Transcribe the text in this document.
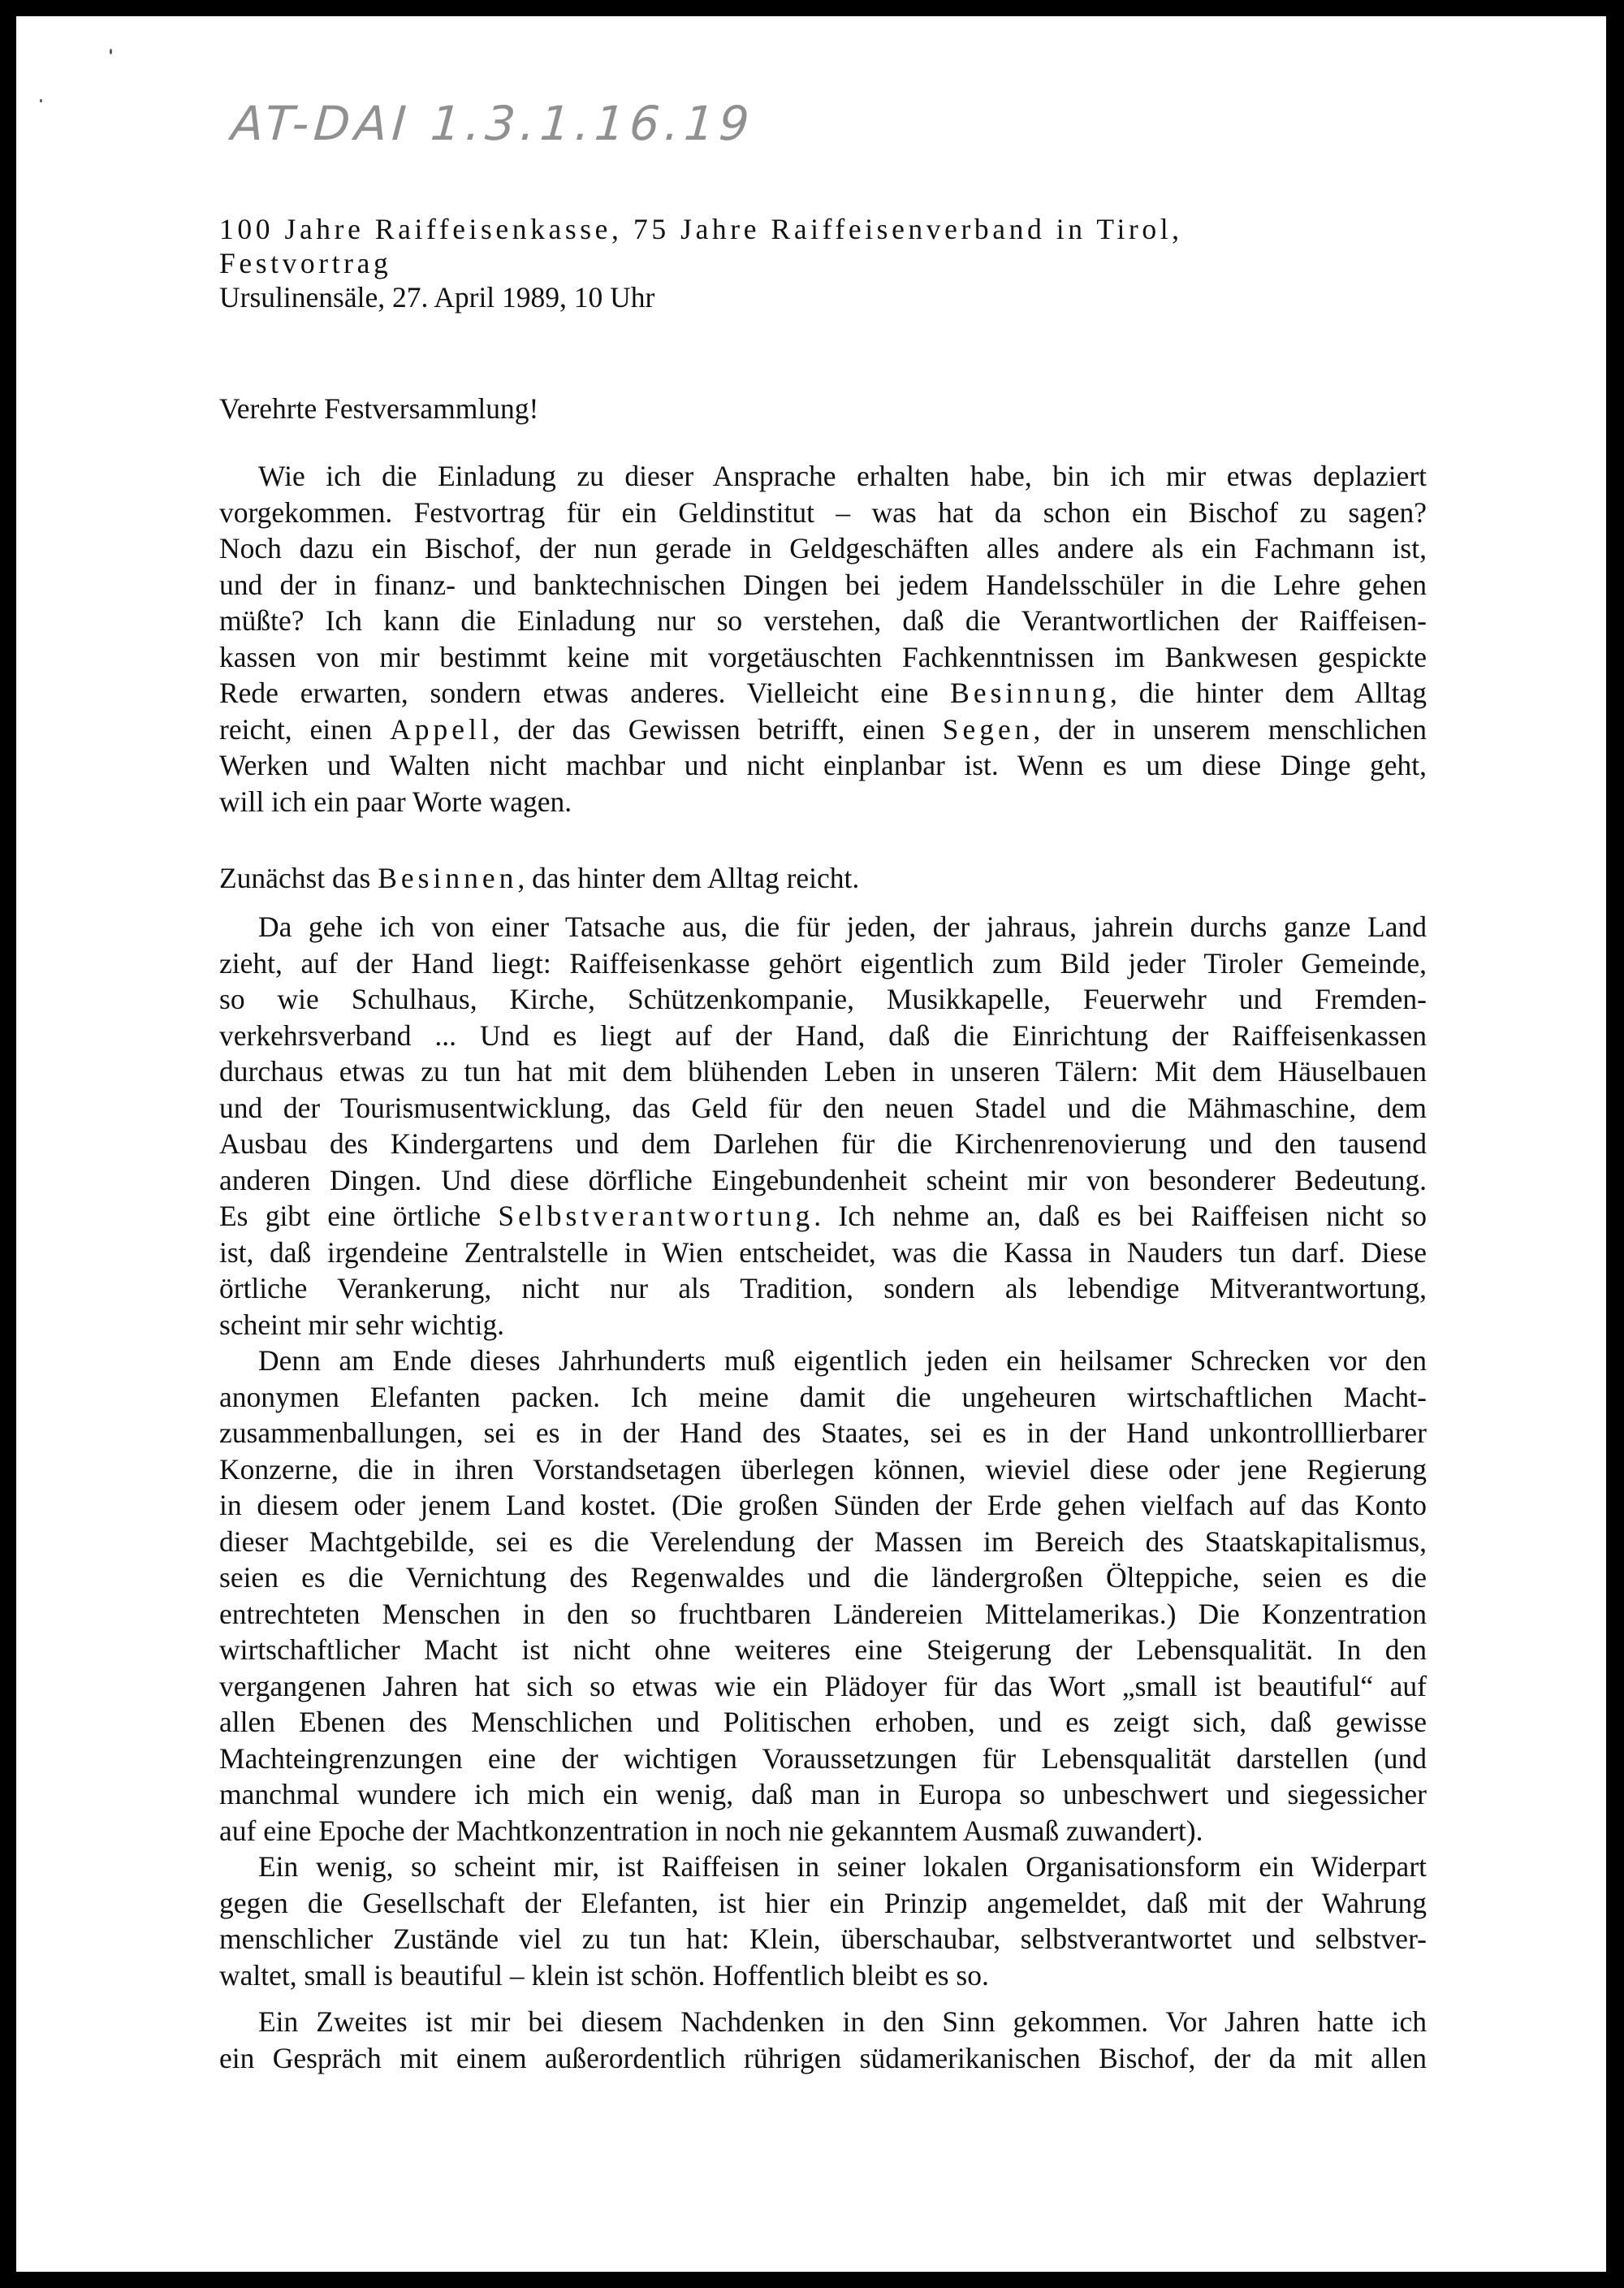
AT-DAI 1.3.1.16.19
100 Jahre Raiffeisenkasse, 75 Jahre Raiffeisenverband in Tirol,
Festvortrag
Ursulinensäle, 27. April 1989, 10 Uhr
Verehrte Festversammlung!
Wie ich die Einladung zu dieser Ansprache erhalten habe, bin ich mir etwas deplaziert
vorgekommen. Festvortrag für ein Geldinstitut – was hat da schon ein Bischof zu sagen?
Noch dazu ein Bischof, der nun gerade in Geldgeschäften alles andere als ein Fachmann ist,
und der in finanz- und banktechnischen Dingen bei jedem Handelsschüler in die Lehre gehen
müßte? Ich kann die Einladung nur so verstehen, daß die Verantwortlichen der Raiffeisen-
kassen von mir bestimmt keine mit vorgetäuschten Fachkenntnissen im Bankwesen gespickte
Rede erwarten, sondern etwas anderes. Vielleicht eine Besinnung, die hinter dem Alltag
reicht, einen Appell, der das Gewissen betrifft, einen Segen, der in unserem menschlichen
Werken und Walten nicht machbar und nicht einplanbar ist. Wenn es um diese Dinge geht,
will ich ein paar Worte wagen.
Zunächst das Besinnen, das hinter dem Alltag reicht.
Da gehe ich von einer Tatsache aus, die für jeden, der jahraus, jahrein durchs ganze Land
zieht, auf der Hand liegt: Raiffeisenkasse gehört eigentlich zum Bild jeder Tiroler Gemeinde,
so wie Schulhaus, Kirche, Schützenkompanie, Musikkapelle, Feuerwehr und Fremden-
verkehrsverband ... Und es liegt auf der Hand, daß die Einrichtung der Raiffeisenkassen
durchaus etwas zu tun hat mit dem blühenden Leben in unseren Tälern: Mit dem Häuselbauen
und der Tourismusentwicklung, das Geld für den neuen Stadel und die Mähmaschine, dem
Ausbau des Kindergartens und dem Darlehen für die Kirchenrenovierung und den tausend
anderen Dingen. Und diese dörfliche Eingebundenheit scheint mir von besonderer Bedeutung.
Es gibt eine örtliche Selbstverantwortung. Ich nehme an, daß es bei Raiffeisen nicht so
ist, daß irgendeine Zentralstelle in Wien entscheidet, was die Kassa in Nauders tun darf. Diese
örtliche Verankerung, nicht nur als Tradition, sondern als lebendige Mitverantwortung,
scheint mir sehr wichtig.
Denn am Ende dieses Jahrhunderts muß eigentlich jeden ein heilsamer Schrecken vor den
anonymen Elefanten packen. Ich meine damit die ungeheuren wirtschaftlichen Macht-
zusammenballungen, sei es in der Hand des Staates, sei es in der Hand unkontrolllierbarer
Konzerne, die in ihren Vorstandsetagen überlegen können, wieviel diese oder jene Regierung
in diesem oder jenem Land kostet. (Die großen Sünden der Erde gehen vielfach auf das Konto
dieser Machtgebilde, sei es die Verelendung der Massen im Bereich des Staatskapitalismus,
seien es die Vernichtung des Regenwaldes und die ländergroßen Ölteppiche, seien es die
entrechteten Menschen in den so fruchtbaren Ländereien Mittelamerikas.) Die Konzentration
wirtschaftlicher Macht ist nicht ohne weiteres eine Steigerung der Lebensqualität. In den
vergangenen Jahren hat sich so etwas wie ein Plädoyer für das Wort „small ist beautiful“ auf
allen Ebenen des Menschlichen und Politischen erhoben, und es zeigt sich, daß gewisse
Machteingrenzungen eine der wichtigen Voraussetzungen für Lebensqualität darstellen (und
manchmal wundere ich mich ein wenig, daß man in Europa so unbeschwert und siegessicher
auf eine Epoche der Machtkonzentration in noch nie gekanntem Ausmaß zuwandert).
Ein wenig, so scheint mir, ist Raiffeisen in seiner lokalen Organisationsform ein Widerpart
gegen die Gesellschaft der Elefanten, ist hier ein Prinzip angemeldet, daß mit der Wahrung
menschlicher Zustände viel zu tun hat: Klein, überschaubar, selbstverantwortet und selbstver-
waltet, small is beautiful – klein ist schön. Hoffentlich bleibt es so.
Ein Zweites ist mir bei diesem Nachdenken in den Sinn gekommen. Vor Jahren hatte ich
ein Gespräch mit einem außerordentlich rührigen südamerikanischen Bischof, der da mit allen
